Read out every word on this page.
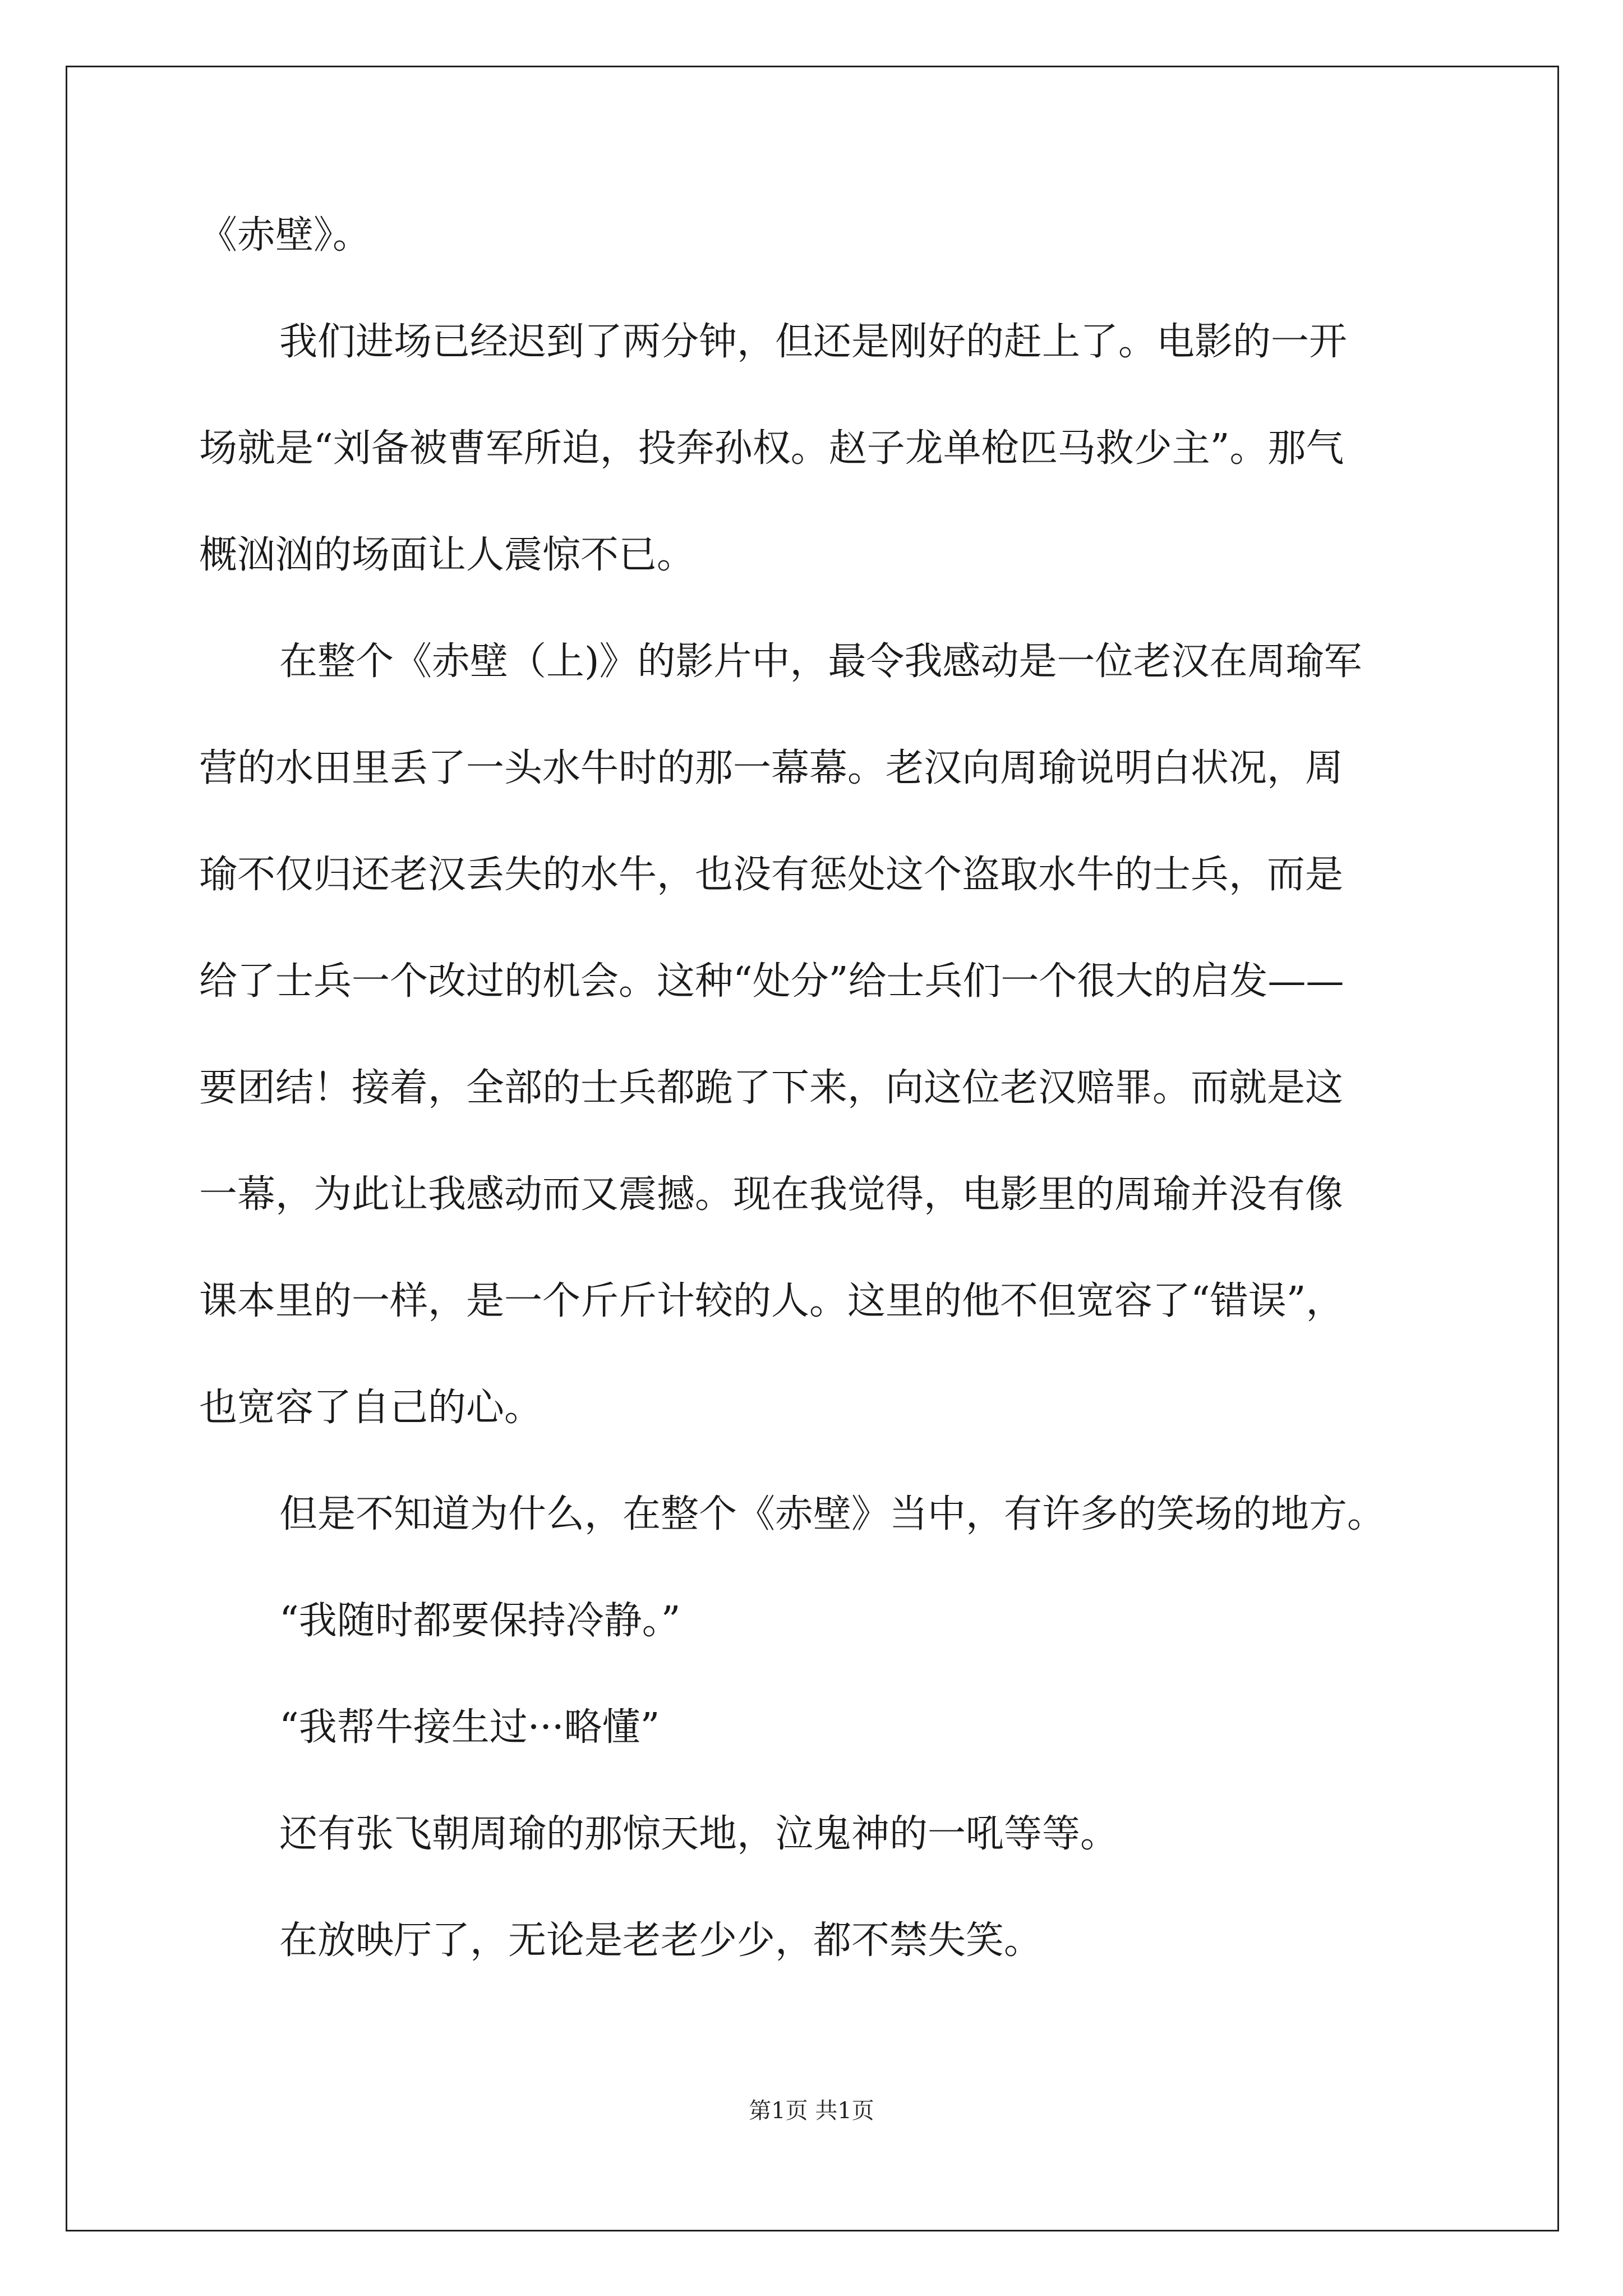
《赤壁》。
我们进场已经迟到了两分钟，但还是刚好的赶上了。电影的一开
场就是“刘备被曹军所迫，投奔孙权。赵子龙单枪匹马救少主”。那气
概汹汹的场面让人震惊不已。
在整个《赤壁（上)》的影片中，最令我感动是一位老汉在周瑜军
营的水田里丢了一头水牛时的那一幕幕。老汉向周瑜说明白状况，周
瑜不仅归还老汉丢失的水牛，也没有惩处这个盗取水牛的士兵，而是
给了士兵一个改过的机会。这种“处分”给士兵们一个很大的启发——
要团结！接着，全部的士兵都跪了下来，向这位老汉赔罪。而就是这
一幕，为此让我感动而又震撼。现在我觉得，电影里的周瑜并没有像
课本里的一样，是一个斤斤计较的人。这里的他不但宽容了“错误”，
也宽容了自己的心。
但是不知道为什么，在整个《赤壁》当中，有许多的笑场的地方。
“我随时都要保持冷静。”
“我帮牛接生过···略懂”
还有张飞朝周瑜的那惊天地，泣鬼神的一吼等等。
在放映厅了，无论是老老少少，都不禁失笑。
第1页 共1页
